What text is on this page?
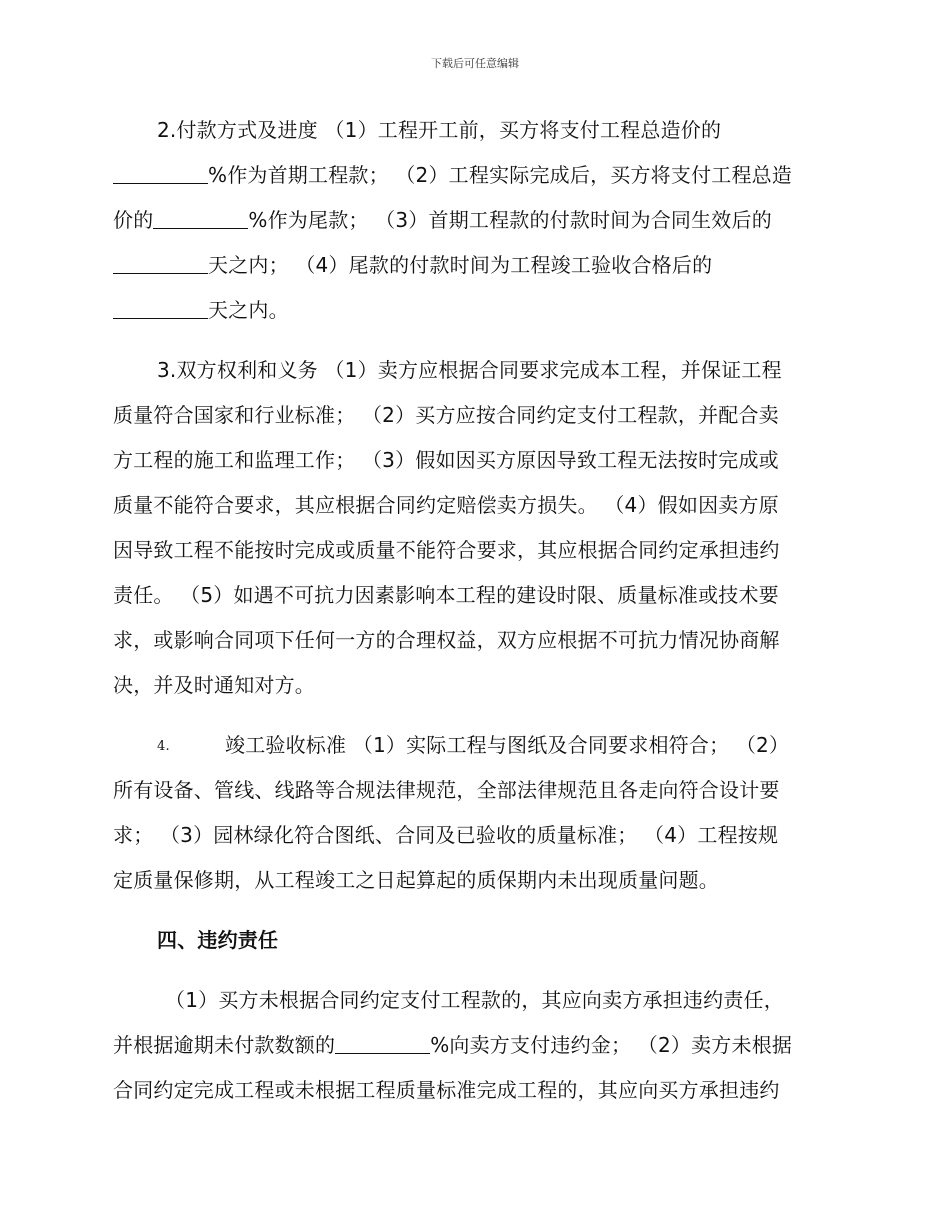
下载后可任意编辑
2.付款方式及进度 （1）工程开工前，买方将支付工程总造价的
%作为首期工程款； （2）工程实际完成后，买方将支付工程总造
价的	%作为尾款； （3）首期工程款的付款时间为合同生效后的
天之内； （4）尾款的付款时间为工程竣工验收合格后的
天之内。
3.双方权利和义务 （1）卖方应根据合同要求完成本工程，并保证工程
质量符合国家和行业标准； （2）买方应按合同约定支付工程款，并配合卖
方工程的施工和监理工作； （3）假如因买方原因导致工程无法按时完成或
质量不能符合要求，其应根据合同约定赔偿卖方损失。 （4）假如因卖方原
因导致工程不能按时完成或质量不能符合要求，其应根据合同约定承担违约
责任。 （5）如遇不可抗力因素影响本工程的建设时限、质量标准或技术要
求，或影响合同项下任何一方的合理权益，双方应根据不可抗力情况协商解
决，并及时通知对方。
4.	竣工验收标准 （1）实际工程与图纸及合同要求相符合； （2）
所有设备、管线、线路等合规法律规范，全部法律规范且各走向符合设计要
求； （3）园林绿化符合图纸、合同及已验收的质量标准； （4）工程按规
定质量保修期，从工程竣工之日起算起的质保期内未出现质量问题。
四、违约责任
（1）买方未根据合同约定支付工程款的，其应向卖方承担违约责任，
并根据逾期未付款数额的	%向卖方支付违约金； （2）卖方未根据
合同约定完成工程或未根据工程质量标准完成工程的，其应向买方承担违约
